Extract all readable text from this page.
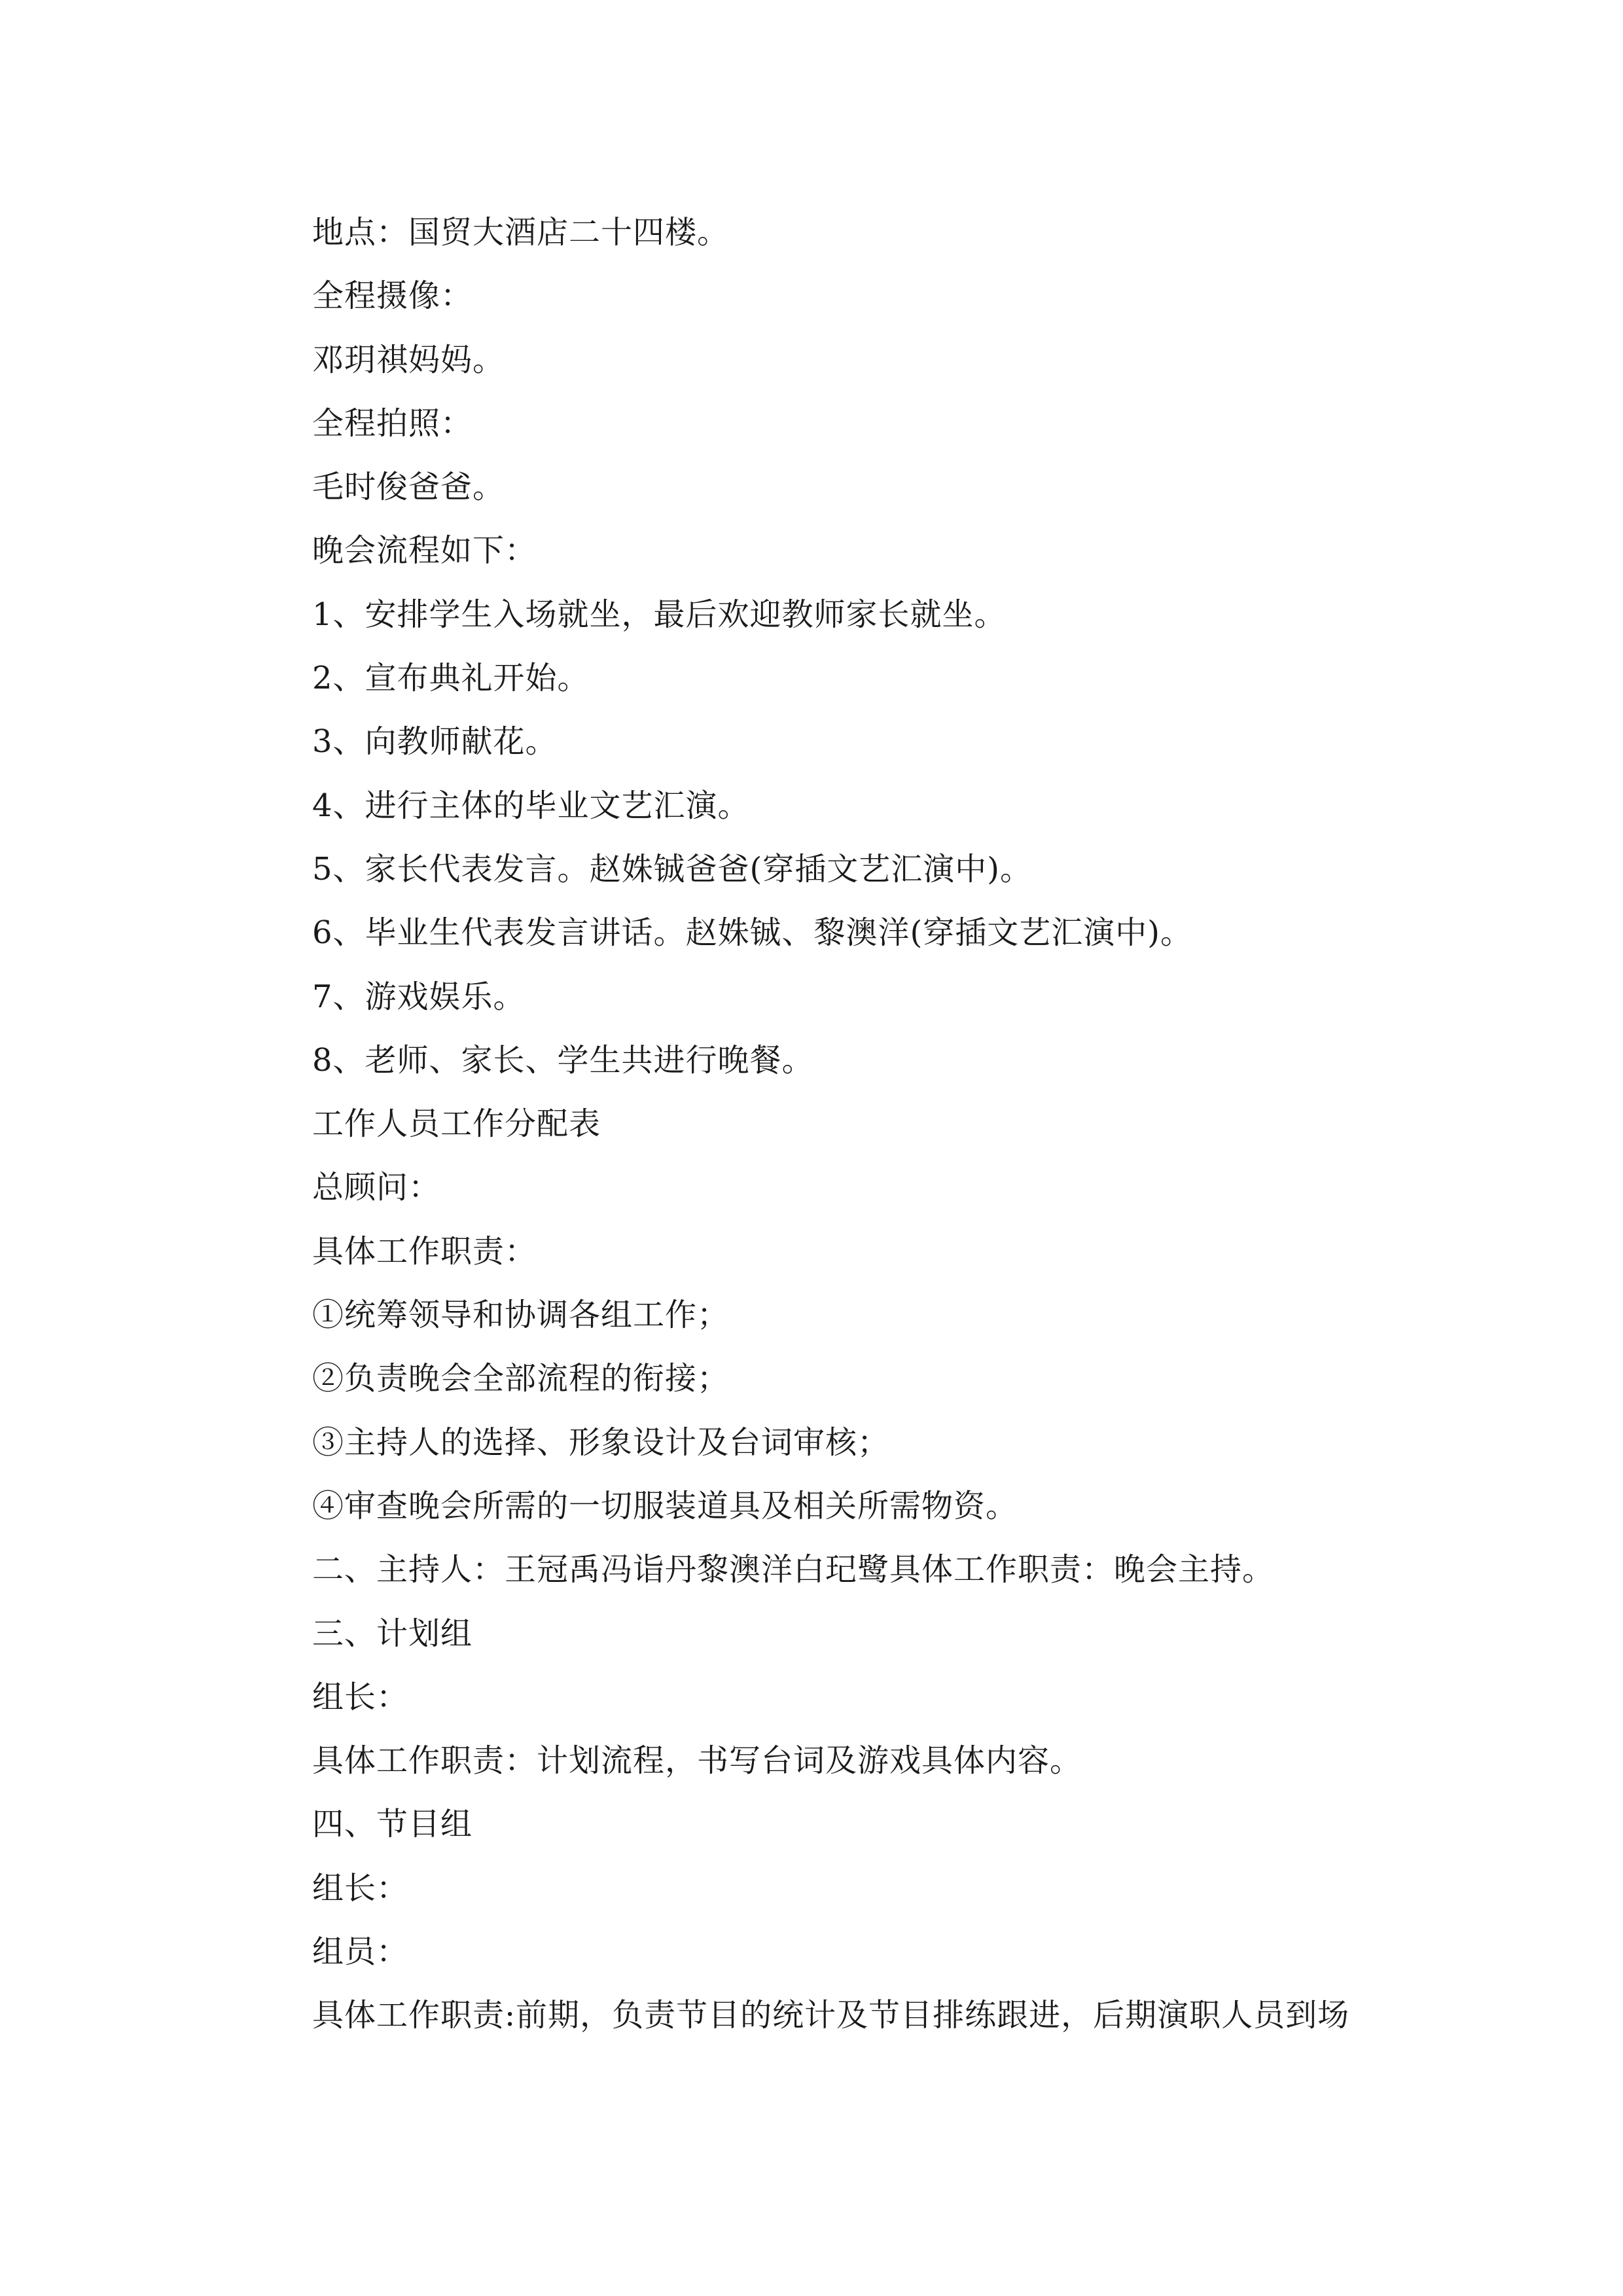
地点：国贸大酒店二十四楼。
全程摄像：
邓玥祺妈妈。
全程拍照：
毛时俊爸爸。
晚会流程如下：
1、安排学生入场就坐，最后欢迎教师家长就坐。
2、宣布典礼开始。
3、向教师献花。
4、进行主体的毕业文艺汇演。
5、家长代表发言。赵姝铖爸爸(穿插文艺汇演中)。
6、毕业生代表发言讲话。赵姝铖、黎澳洋(穿插文艺汇演中)。
7、游戏娱乐。
8、老师、家长、学生共进行晚餐。
工作人员工作分配表
总顾问：
具体工作职责：
①统筹领导和协调各组工作；
②负责晚会全部流程的衔接；
③主持人的选择、形象设计及台词审核；
④审查晚会所需的一切服装道具及相关所需物资。
二、主持人：王冠禹冯诣丹黎澳洋白玘鹭具体工作职责：晚会主持。
三、计划组
组长：
具体工作职责：计划流程，书写台词及游戏具体内容。
四、节目组
组长：
组员：
具体工作职责:前期，负责节目的统计及节目排练跟进，后期演职人员到场
